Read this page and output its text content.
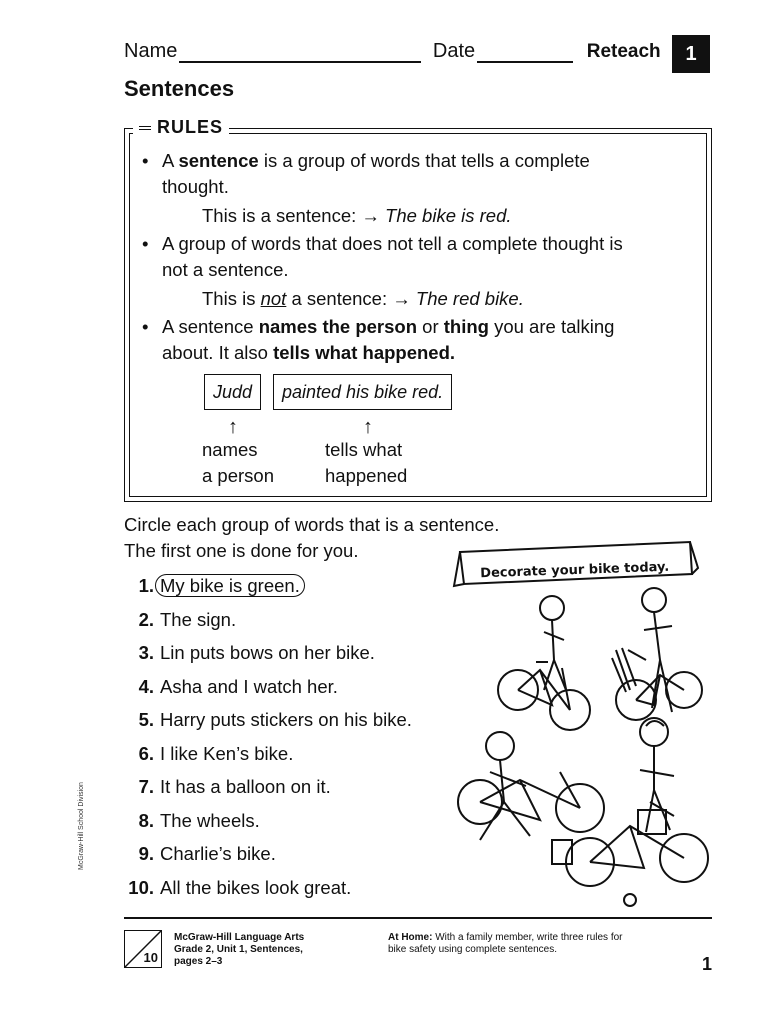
Name	Date	Reteach	1
Sentences
RULES
• A sentence is a group of words that tells a complete
thought.
This is a sentence: → The bike is red.
• A group of words that does not tell a complete thought is
not a sentence.
This is not a sentence: → The red bike.
• A sentence names the person or thing you are talking
about. It also tells what happened.
Judd	painted his bike red.
↑	↑
names
a person
tells what
happened
Circle each group of words that is a sentence.
The first one is done for you.
1. My bike is green.
2. The sign.
3. Lin puts bows on her bike.
4. Asha and I watch her.
5. Harry puts stickers on his bike.
6. I like Ken’s bike.
7. It has a balloon on it.
8. The wheels.
9. Charlie’s bike.
10. All the bikes look great.
Decorate your bike today.
McGraw-Hill School Division
10
McGraw-Hill Language Arts
Grade 2, Unit 1, Sentences,
pages 2–3
At Home: With a family member, write three rules for
bike safety using complete sentences.
1
